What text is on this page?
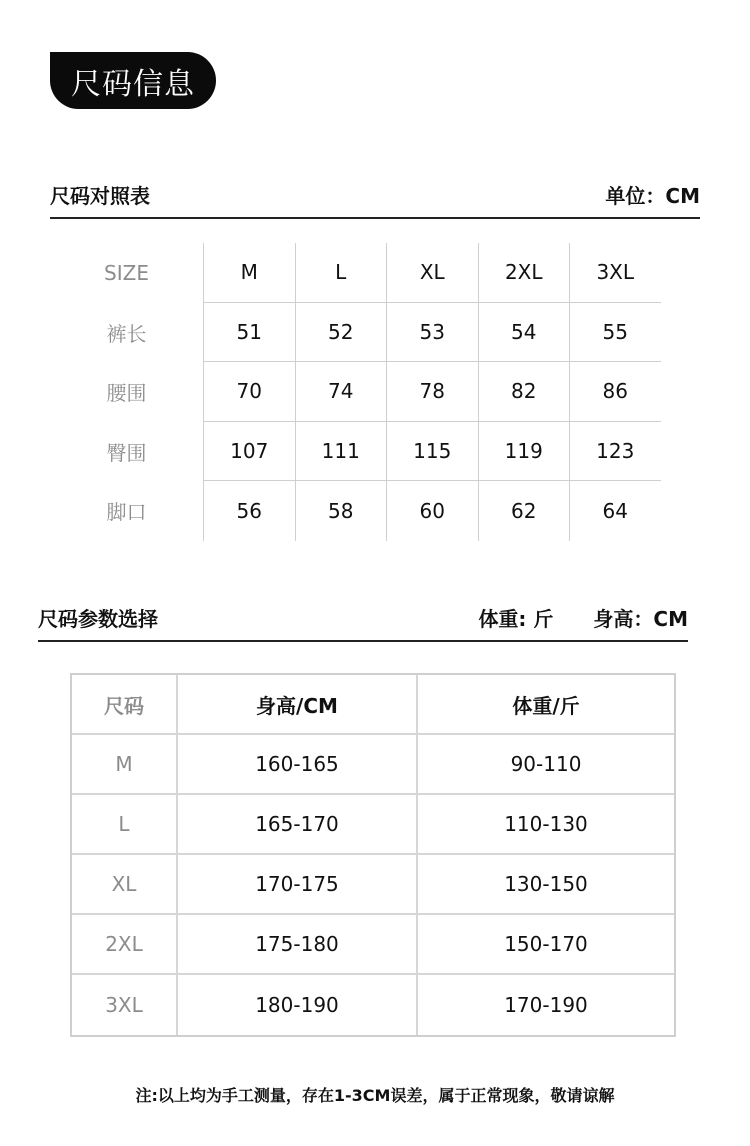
尺码信息
尺码对照表	单位：CM
SIZE	M	L	XL	2XL	3XL
裤长	51	52	53	54	55
腰围	70	74	78	82	86
臀围	107	111	115	119	123
脚口	56	58	60	62	64
尺码参数选择	体重: 斤 身高：CM
尺码	身高/CM	体重/斤
M	160-165	90-110
L	165-170	110-130
XL	170-175	130-150
2XL	175-180	150-170
3XL	180-190	170-190
注:以上均为手工测量，存在1-3CM误差，属于正常现象，敬请谅解
